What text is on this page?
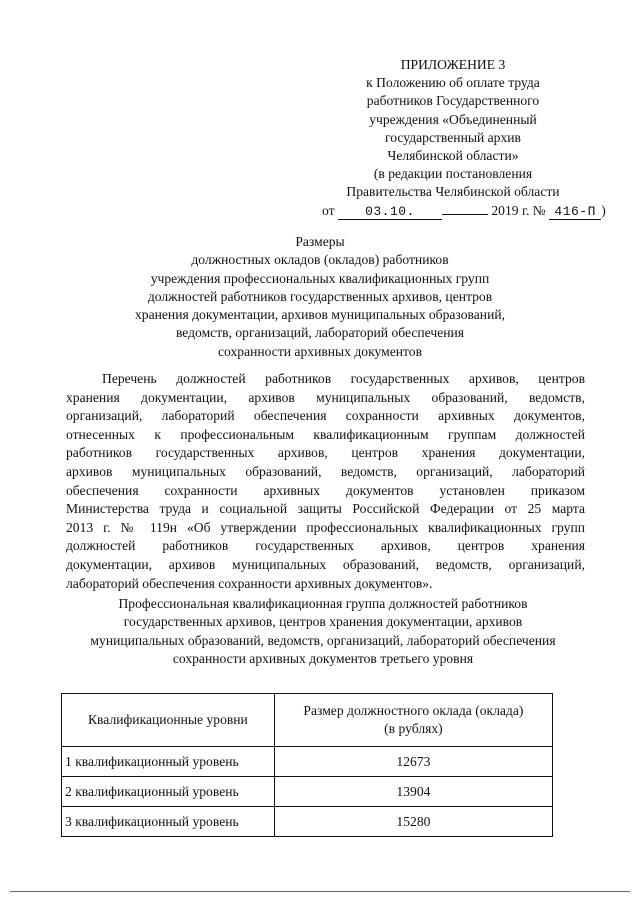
ПРИЛОЖЕНИЕ 3
к Положению об оплате труда
работников Государственного
учреждения «Объединенный
государственный архив
Челябинской области»
(в редакции постановления
Правительства Челябинской области
от 03.10.	2019 г. № 416-П )
Размеры
должностных окладов (окладов) работников
учреждения профессиональных квалификационных групп
должностей работников государственных архивов, центров
хранения документации, архивов муниципальных образований,
ведомств, организаций, лабораторий обеспечения
сохранности архивных документов
Перечень должностей работников государственных архивов, центров
хранения документации, архивов муниципальных образований, ведомств,
организаций, лабораторий обеспечения сохранности архивных документов,
отнесенных к профессиональным квалификационным группам должностей
работников государственных архивов, центров хранения документации,
архивов муниципальных образований, ведомств, организаций, лабораторий
обеспечения сохранности архивных документов установлен приказом
Министерства труда и социальной защиты Российской Федерации от 25 марта
2013 г. № 119н «Об утверждении профессиональных квалификационных групп
должностей работников государственных архивов, центров хранения
документации, архивов муниципальных образований, ведомств, организаций,
лабораторий обеспечения сохранности архивных документов».
Профессиональная квалификационная группа должностей работников
государственных архивов, центров хранения документации, архивов
муниципальных образований, ведомств, организаций, лабораторий обеспечения
сохранности архивных документов третьего уровня
Квалификационные уровни	Размер должностного оклада (оклада)
(в рублях)
1 квалификационный уровень	12673
2 квалификационный уровень	13904
3 квалификационный уровень	15280
